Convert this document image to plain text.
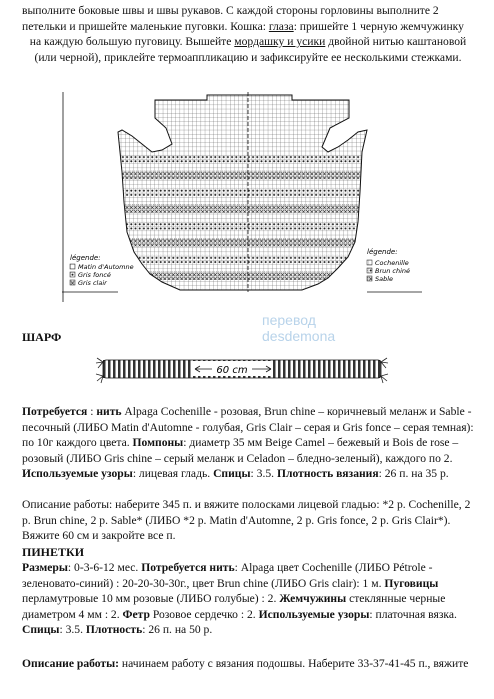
выполните боковые швы и швы рукавов. С каждой стороны горловины выполните 2
петельки и пришейте маленькие пуговки. Кошка: глаза: пришейте 1 черную жемчужинку

на каждую большую пуговицу. Вышейте мордашку и усики двойной нитью каштановой
(или черной), приклейте термоаппликацию и зафиксируйте ее несколькими стежками.

légende:
Matin d'Automne
Gris foncé
Gris clair
légende:
Cochenille
Brun chiné
Sable
перевод
desdemona
ШАРФ
60 cm

Потребуется : нить Alpaga Cochenille - розовая, Brun chine – коричневый меланж и Sable - песочный (ЛИБО Matin d'Automne - голубая, Gris Clair – серая и Gris fonce – серая темная): по 10г каждого цвета. Помпоны: диаметр 35 мм Beige Camel – бежевый и Bois de rose – розовый (ЛИБО Gris chine – серый меланж и Celadon – бледно-зеленый), каждого по 2. Используемые узоры: лицевая гладь. Спицы: 3.5. Плотность вязания: 26 п. на 35 р.

Описание работы: наберите 345 п. и вяжите полосками лицевой гладью: *2 р. Cochenille, 2 р. Brun chine, 2 р. Sable* (ЛИБО *2 р. Matin d'Automne, 2 р. Gris fonce, 2 р. Gris Clair*). Вяжите 60 см и закройте все п.

ПИНЕТКИ

Размеры: 0-3-6-12 мес. Потребуется нить: Alpaga цвет Cochenille (ЛИБО Pétrole - зеленовато-синий) : 20-20-30-30г., цвет Brun chine (ЛИБО Gris clair): 1 м. Пуговицы перламутровые 10 мм розовые (ЛИБО голубые) : 2. Жемчужины стеклянные черные диаметром 4 мм : 2. Фетр Розовое сердечко : 2. Используемые узоры: платочная вязка. Спицы: 3.5. Плотность: 26 п. на 50 р.

Описание работы: начинаем работу с вязания подошвы. Наберите 33-37-41-45 п., вяжите
